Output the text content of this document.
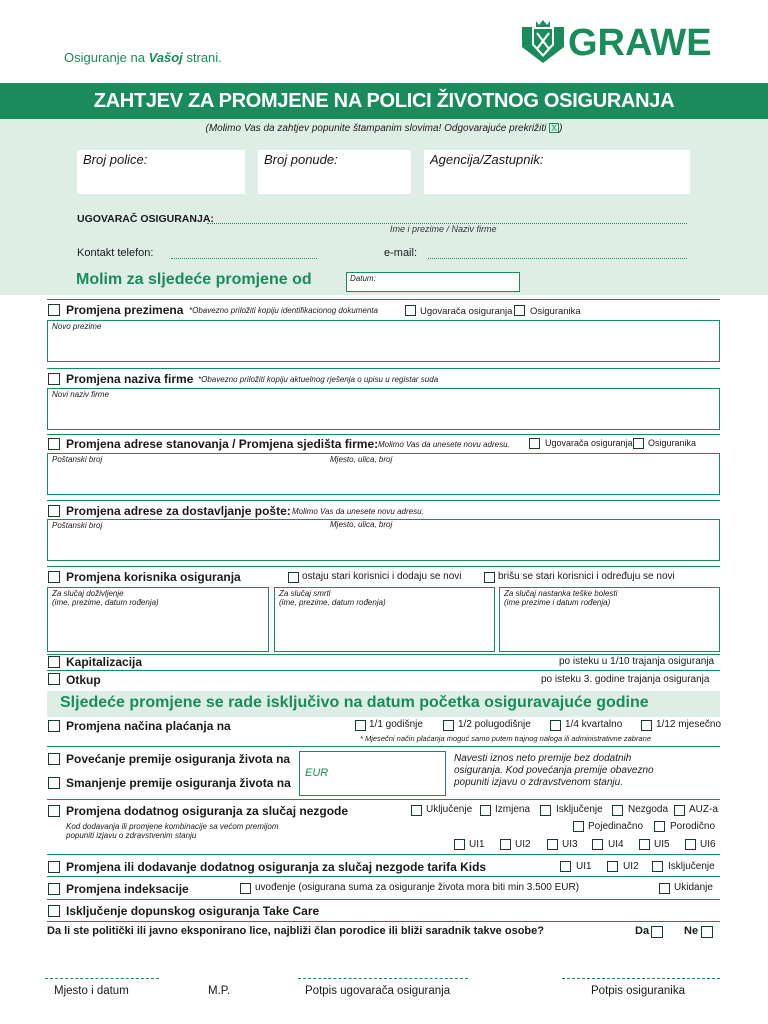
Osiguranje na Vašoj strani.	GRAWE
ZAHTJEV ZA PROMJENE NA POLICI ŽIVOTNOG OSIGURANJA
(Molimo Vas da zahtjev popunite štampanim slovima! Odgovarajuće prekrižiti X )
Broj police:	Broj ponude:	Agencija/Zastupnik:
UGOVARAČ OSIGURANJA:
Ime i prezime / Naziv firme
Kontakt telefon:	e-mail:
Molim za sljedeće promjene od	Datum:
Promjena prezimena *Obavezno priložiti kopiju identifikacionog dokumenta	Ugovarača osiguranja Osiguranika
Novo prezime
Promjena naziva firme *Obavezno priložiti kopiju aktuelnog rješenja o upisu u registar suda
Novi naziv firme
Promjena adrese stanovanja / Promjena sjedišta firme: Molimo Vas da unesete novu adresu.	Ugovarača osiguranja Osiguranika
Poštanski broj	Mjesto, ulica, broj
Promjena adrese za dostavljanje pošte: Molimo Vas da unesete novu adresu.
Poštanski broj	Mjesto, ulica, broj
Promjena korisnika osiguranja	ostaju stari korisnici i dodaju se novi	brišu se stari korisnici i određuju se novi
Za slučaj doživljenje
(ime, prezime, datum rođenja)
Za slučaj smrti
(ime, prezime, datum rođenja)
Za slučaj nastanka teške bolesti
(ime prezime i datum rođenja)
Kapitalizacija	po isteku u 1/10 trajanja osiguranja
Otkup	po isteku 3. godine trajanja osiguranja
Sljedeće promjene se rade isključivo na datum početka osiguravajuće godine
Promjena načina plaćanja na	1/1 godišnje	1/2 polugodišnje	1/4 kvartalno	1/12 mjesečno
* Mjesečni način plaćanja moguć samo putem trajnog naloga ili administrativne zabrane
Povećanje premije osiguranja života na
Smanjenje premije osiguranja života na
EUR
Navesti iznos neto premije bez dodatnih
osiguranja. Kod povećanja premije obavezno
popuniti izjavu o zdravstvenom stanju.
Promjena dodatnog osiguranja za slučaj nezgode	Uključenje Izmjena	Isključenje	Nezgoda AUZ-a
Kod dodavanja ili promjene kombinacije sa većom premijom
popuniti izjavu o zdravstvenim stanju
Pojedinačno	Porodično
UI1	UI2	UI3	UI4	UI5	UI6
Promjena ili dodavanje dodatnog osiguranja za slučaj nezgode tarifa Kids	UI1	UI2	Isključenje
Promjena indeksacije	uvođenje (osigurana suma za osiguranje života mora biti min 3.500 EUR)	Ukidanje
Isključenje dopunskog osiguranja Take Care
Da li ste politički ili javno eksponirano lice, najbliži član porodice ili bliži saradnik takve osobe?	Da	Ne
Mjesto i datum	M.P.	Potpis ugovarača osiguranja	Potpis osiguranika
